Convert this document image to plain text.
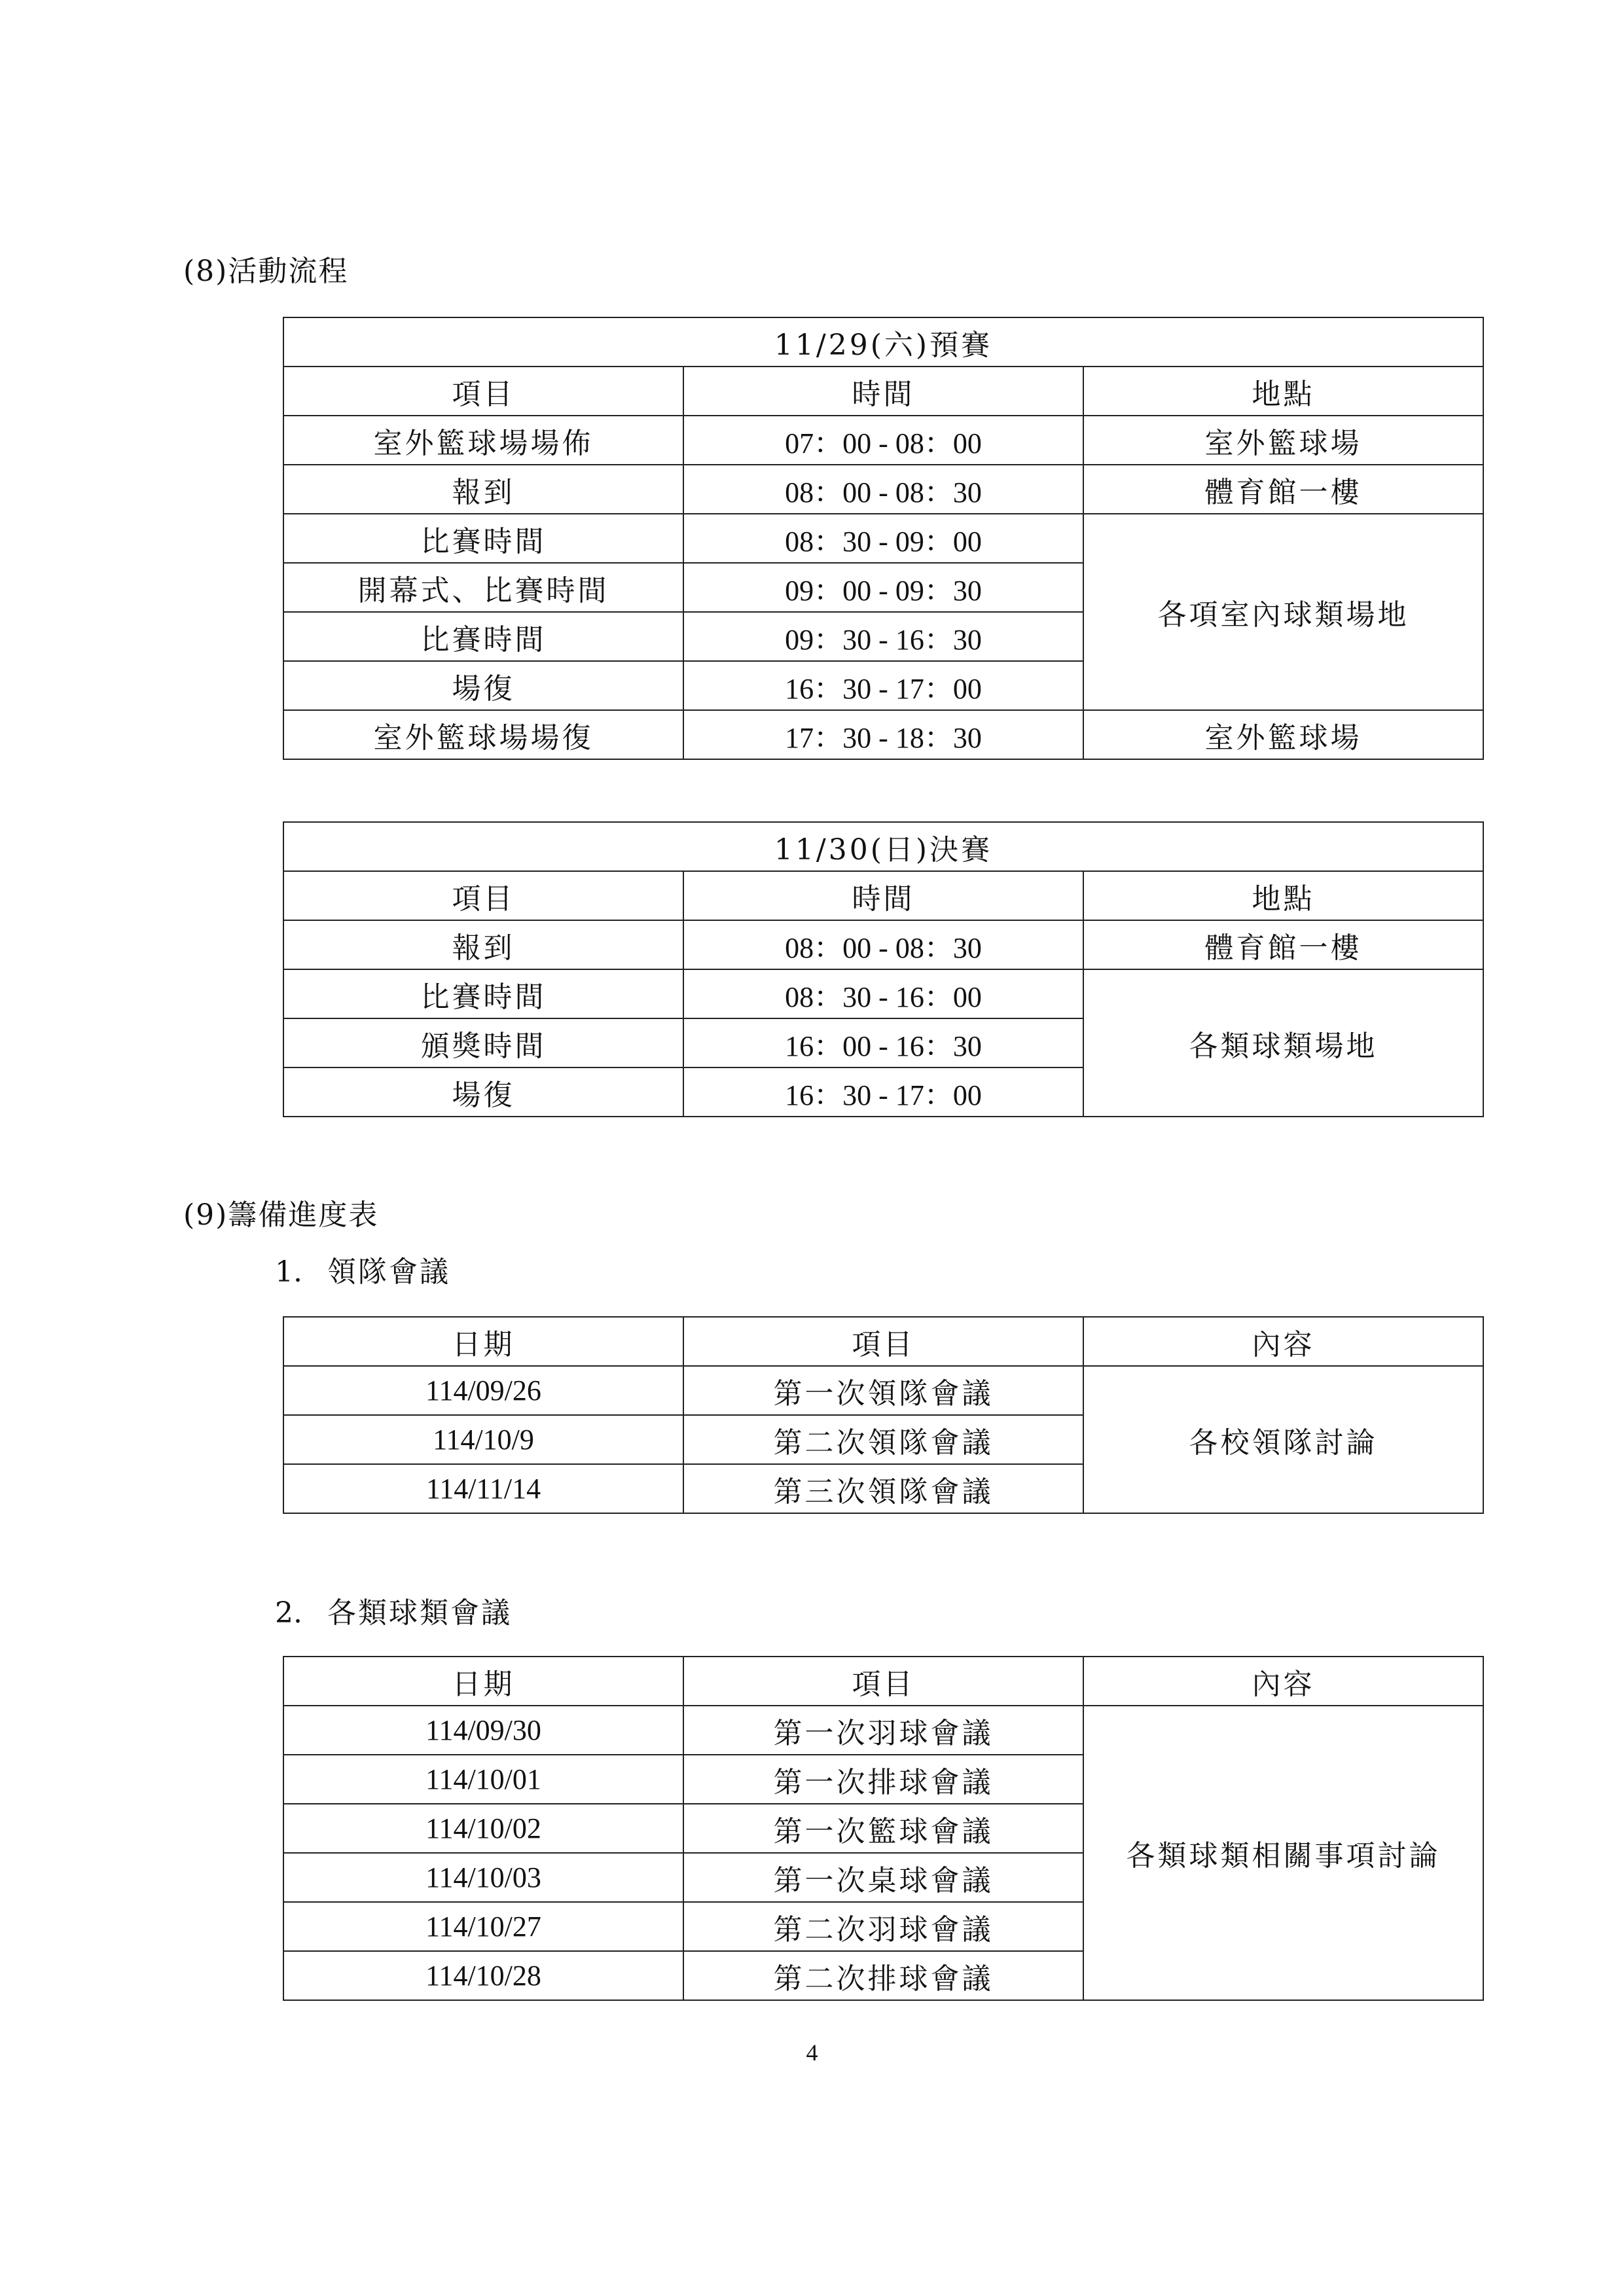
(8)活動流程
11/29(六)預賽		
項目	時間	地點
室外籃球場場佈	07：00 - 08：00	室外籃球場
報到	08：00 - 08：30	體育館一樓
比賽時間	08：30 - 09：00	各項室內球類場地
開幕式、比賽時間	09：00 - 09：30	
比賽時間	09：30 - 16：30	
場復	16：30 - 17：00	
室外籃球場場復	17：30 - 18：30	室外籃球場
11/30(日)決賽		
項目	時間	地點
報到	08：00 - 08：30	體育館一樓
比賽時間	08：30 - 16：00	各類球類場地
頒獎時間	16：00 - 16：30	
場復	16：30 - 17：00	
(9)籌備進度表
1. 領隊會議
日期	項目	內容
114/09/26	第一次領隊會議	各校領隊討論
114/10/9	第二次領隊會議	
114/11/14	第三次領隊會議	
2. 各類球類會議
日期	項目	內容
114/09/30	第一次羽球會議	各類球類相關事項討論
114/10/01	第一次排球會議	
114/10/02	第一次籃球會議	
114/10/03	第一次桌球會議	
114/10/27	第二次羽球會議	
114/10/28	第二次排球會議	
4
